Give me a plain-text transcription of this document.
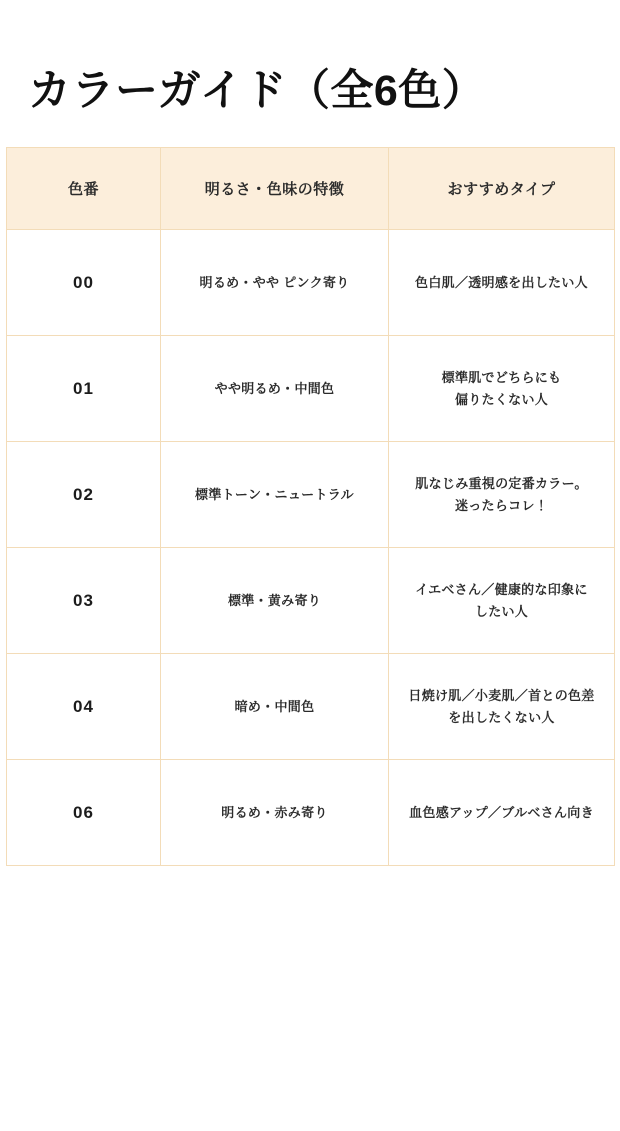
カラーガイド（全6色）
色番	明るさ・色味の特徴	おすすめタイプ
00	明るめ・やや ピンク寄り	色白肌／透明感を出したい人
01	やや明るめ・中間色	標準肌でどちらにも
偏りたくない人
02	標準トーン・ニュートラル	肌なじみ重視の定番カラー。
迷ったらコレ！
03	標準・黄み寄り	イエベさん／健康的な印象に
したい人
04	暗め・中間色	日焼け肌／小麦肌／首との色差
を出したくない人
06	明るめ・赤み寄り	血色感アップ／ブルベさん向き
